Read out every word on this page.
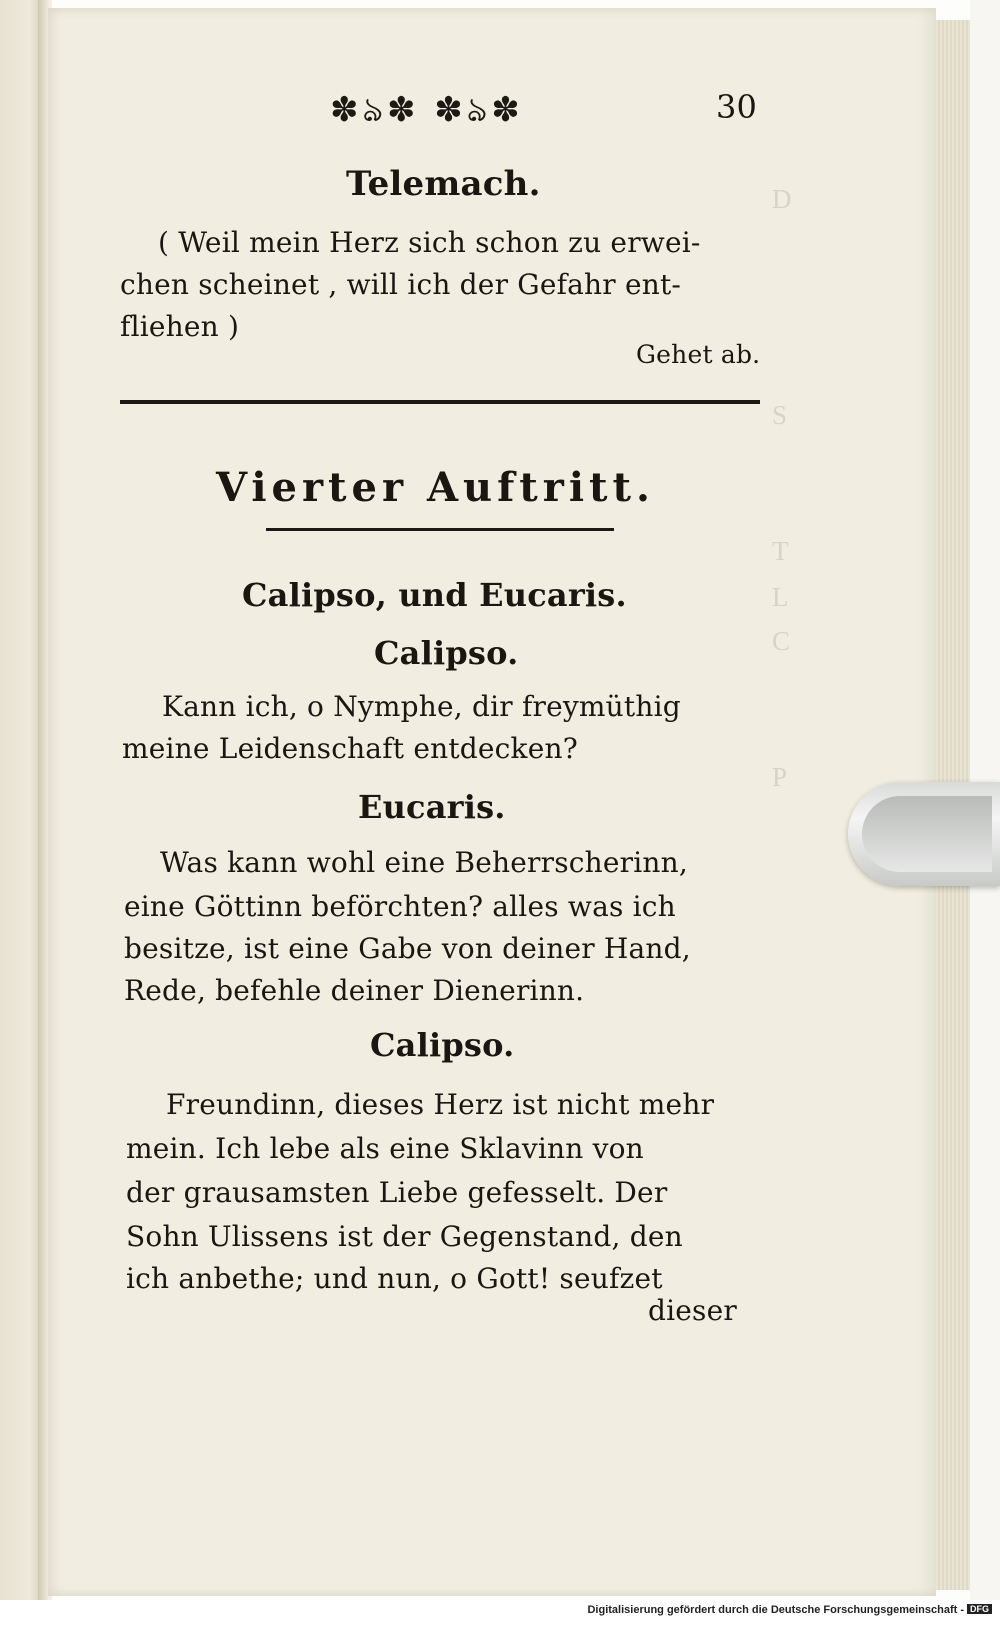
D
S
T
L
C
P
✽ঌ✽ ✽ঌ✽	30
Telemach.
( Weil mein Herz sich schon zu erwei-
chen scheinet , will ich der Gefahr ent-
fliehen )
Gehet ab.
Vierter Auftritt.
Calipso, und Eucaris.
Calipso.
Kann ich, o Nymphe, dir freymüthig
meine Leidenschaft entdecken?
Eucaris.
Was kann wohl eine Beherrscherinn,
eine Göttinn beförchten? alles was ich
besitze, ist eine Gabe von deiner Hand,
Rede, befehle deiner Dienerinn.
Calipso.
Freundinn, dieses Herz ist nicht mehr
mein. Ich lebe als eine Sklavinn von
der grausamsten Liebe gefesselt. Der
Sohn Ulissens ist der Gegenstand, den
ich anbethe; und nun, o Gott! seufzet
dieser
Digitalisierung gefördert durch die Deutsche Forschungsgemeinschaft - DFG
